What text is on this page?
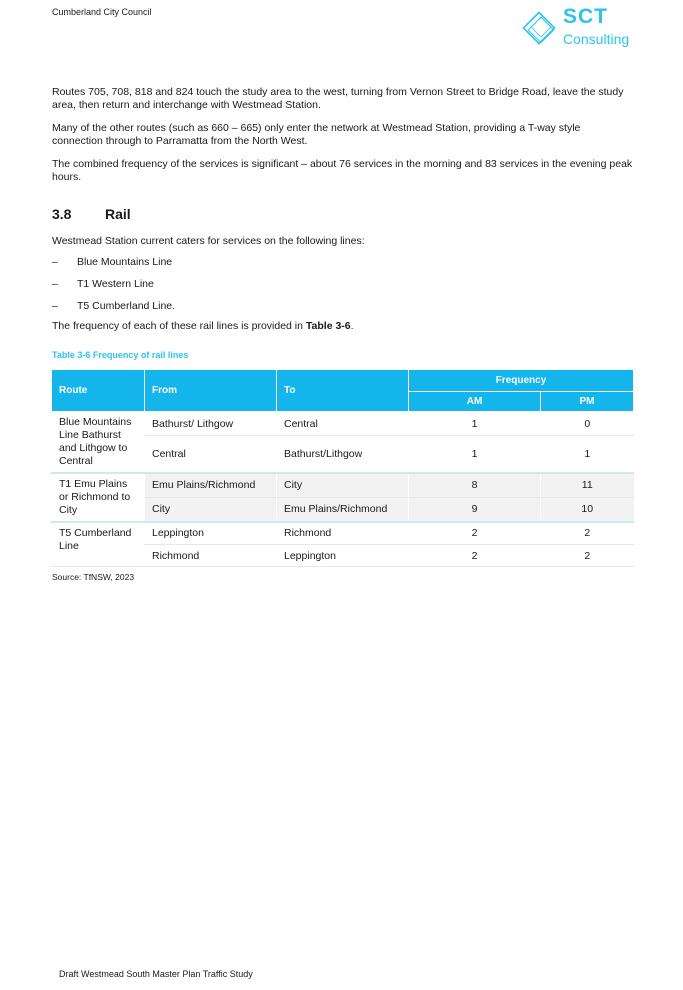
Cumberland City Council	SCT
Consulting
Routes 705, 708, 818 and 824 touch the study area to the west, turning from Vernon Street to Bridge Road, leave the study area, then return and interchange with Westmead Station.
Many of the other routes (such as 660 – 665) only enter the network at Westmead Station, providing a T-way style connection through to Parramatta from the North West.
The combined frequency of the services is significant – about 76 services in the morning and 83 services in the evening peak hours.
3.8 Rail
Westmead Station current caters for services on the following lines:
– Blue Mountains Line
– T1 Western Line
– T5 Cumberland Line.
The frequency of each of these rail lines is provided in Table 3-6.
Table 3-6 Frequency of rail lines
Route	From	To	Frequency	
			AM	PM
Blue Mountains Line Bathurst and Lithgow to Central	Bathurst/ Lithgow	Central	1	0
	Central	Bathurst/Lithgow	1	1
T1 Emu Plains or Richmond to City	Emu Plains/Richmond	City	8	11
	City	Emu Plains/Richmond	9	10
T5 Cumberland Line	Leppington	Richmond	2	2
	Richmond	Leppington	2	2
Source: TfNSW, 2023
Draft Westmead South Master Plan Traffic Study
